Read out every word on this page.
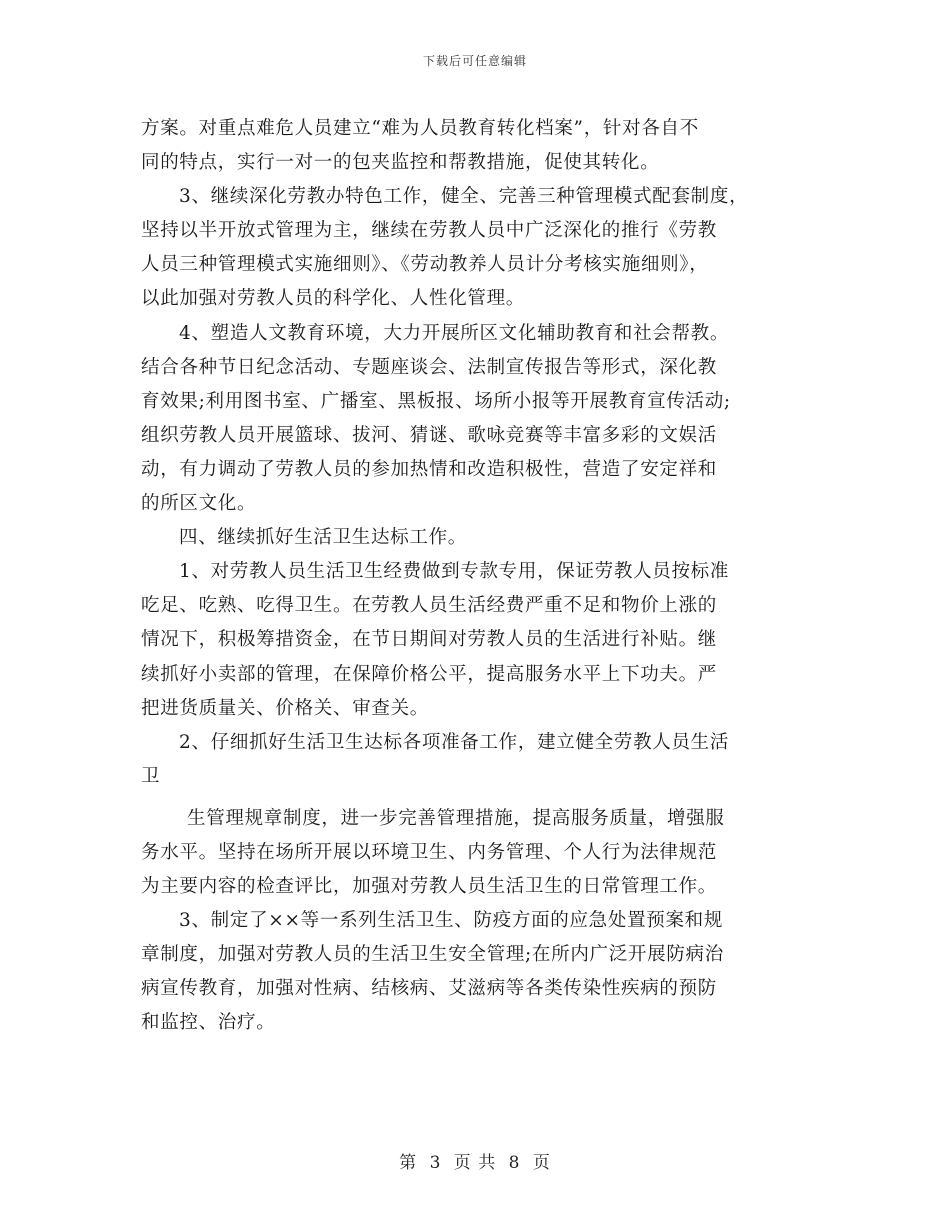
下载后可任意编辑
方案。对重点难危人员建立“难为人员教育转化档案”，针对各自不
同的特点，实行一对一的包夹监控和帮教措施，促使其转化。
3、继续深化劳教办特色工作，健全、完善三种管理模式配套制度，
坚持以半开放式管理为主，继续在劳教人员中广泛深化的推行《劳教
人员三种管理模式实施细则》、《劳动教养人员计分考核实施细则》，
以此加强对劳教人员的科学化、人性化管理。
4、塑造人文教育环境，大力开展所区文化辅助教育和社会帮教。
结合各种节日纪念活动、专题座谈会、法制宣传报告等形式，深化教
育效果;利用图书室、广播室、黑板报、场所小报等开展教育宣传活动;
组织劳教人员开展篮球、拔河、猜谜、歌咏竞赛等丰富多彩的文娱活
动，有力调动了劳教人员的参加热情和改造积极性，营造了安定祥和
的所区文化。
四、继续抓好生活卫生达标工作。
1、对劳教人员生活卫生经费做到专款专用，保证劳教人员按标准
吃足、吃熟、吃得卫生。在劳教人员生活经费严重不足和物价上涨的
情况下，积极筹措资金，在节日期间对劳教人员的生活进行补贴。继
续抓好小卖部的管理，在保障价格公平，提高服务水平上下功夫。严
把进货质量关、价格关、审查关。
2、仔细抓好生活卫生达标各项准备工作，建立健全劳教人员生活
卫
生管理规章制度，进一步完善管理措施，提高服务质量，增强服
务水平。坚持在场所开展以环境卫生、内务管理、个人行为法律规范
为主要内容的检查评比，加强对劳教人员生活卫生的日常管理工作。
3、制定了××等一系列生活卫生、防疫方面的应急处置预案和规
章制度，加强对劳教人员的生活卫生安全管理;在所内广泛开展防病治
病宣传教育，加强对性病、结核病、艾滋病等各类传染性疾病的预防
和监控、治疗。
第 3 页 共 8 页
